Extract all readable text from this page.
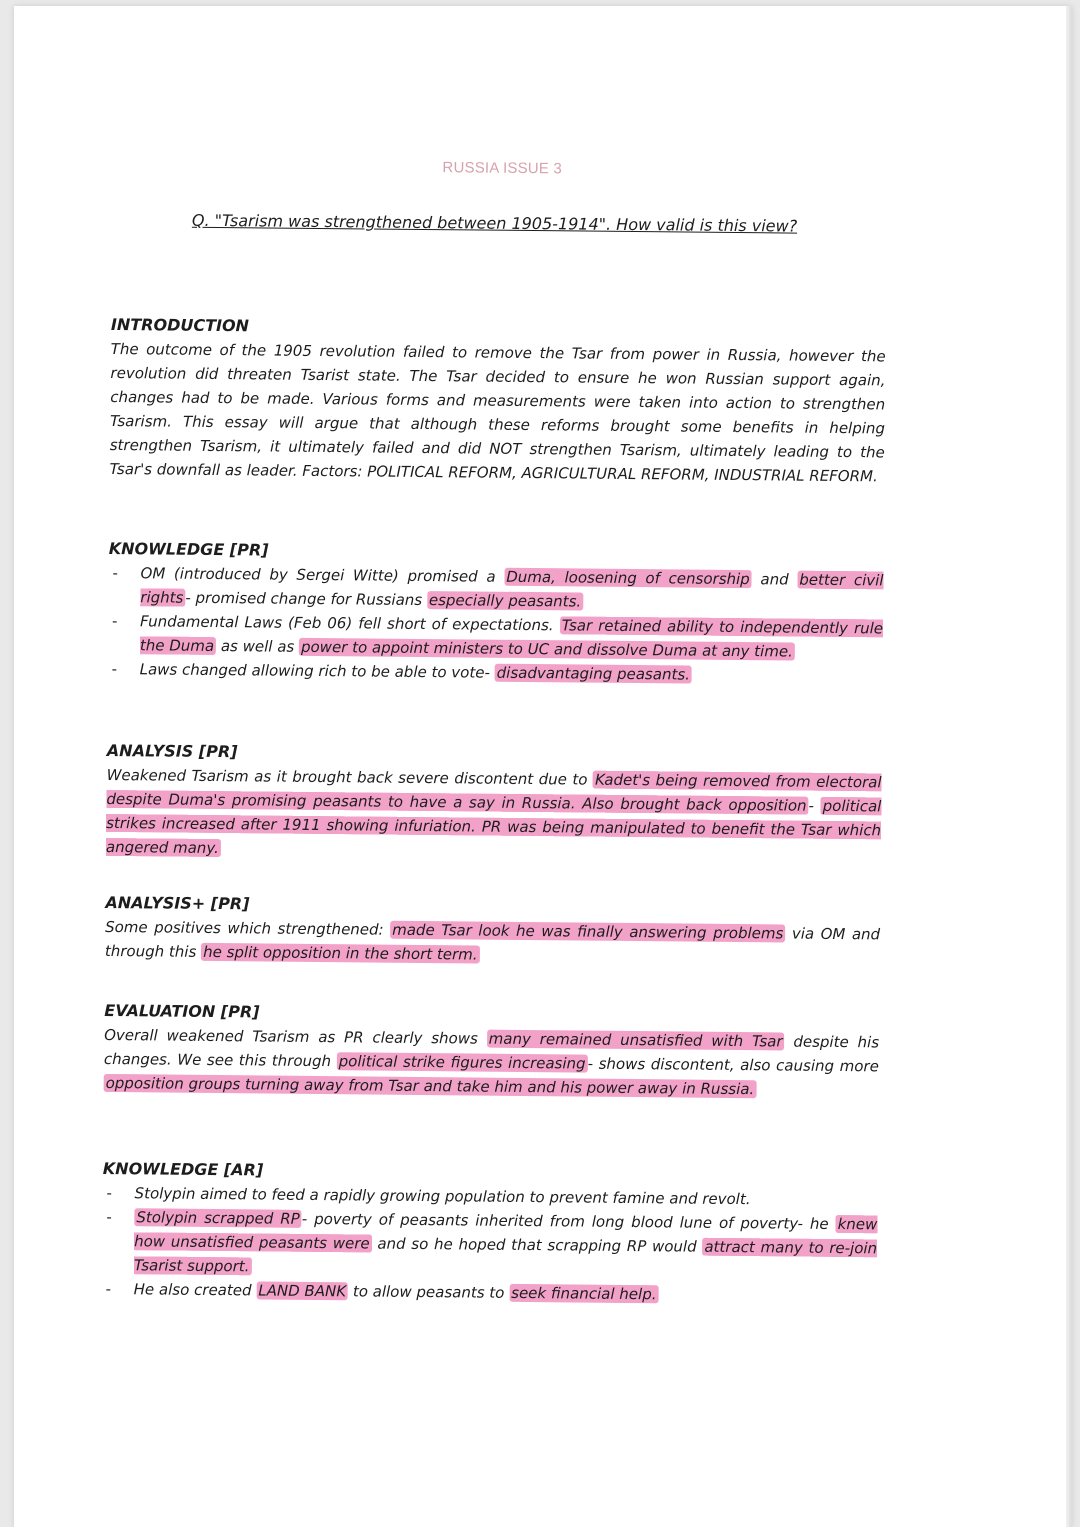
RUSSIA ISSUE 3
Q. "Tsarism was strengthened between 1905-1914". How valid is this view?
INTRODUCTION
The outcome of the 1905 revolution failed to remove the Tsar from power in Russia, however the revolution did threaten Tsarist state. The Tsar decided to ensure he won Russian support again, changes had to be made. Various forms and measurements were taken into action to strengthen Tsarism. This essay will argue that although these reforms brought some benefits in helping strengthen Tsarism, it ultimately failed and did NOT strengthen Tsarism, ultimately leading to the Tsar's downfall as leader. Factors: POLITICAL REFORM, AGRICULTURAL REFORM, INDUSTRIAL REFORM.
KNOWLEDGE [PR]
- OM (introduced by Sergei Witte) promised a Duma, loosening of censorship and better civil rights - promised change for Russians especially peasants.
- Fundamental Laws (Feb 06) fell short of expectations. Tsar retained ability to independently rule the Duma as well as power to appoint ministers to UC and dissolve Duma at any time.
- Laws changed allowing rich to be able to vote- disadvantaging peasants.
ANALYSIS [PR]
Weakened Tsarism as it brought back severe discontent due to Kadet's being removed from electoral despite Duma's promising peasants to have a say in Russia. Also brought back opposition - political strikes increased after 1911 showing infuriation. PR was being manipulated to benefit the Tsar which angered many.
ANALYSIS+ [PR]
Some positives which strengthened: made Tsar look he was finally answering problems via OM and through this he split opposition in the short term.
EVALUATION [PR]
Overall weakened Tsarism as PR clearly shows many remained unsatisfied with Tsar despite his changes. We see this through political strike figures increasing - shows discontent, also causing more opposition groups turning away from Tsar and take him and his power away in Russia.
KNOWLEDGE [AR]
- Stolypin aimed to feed a rapidly growing population to prevent famine and revolt.
- Stolypin scrapped RP - poverty of peasants inherited from long blood lune of poverty- he knew how unsatisfied peasants were and so he hoped that scrapping RP would attract many to re-join Tsarist support.
- He also created LAND BANK to allow peasants to seek financial help.
